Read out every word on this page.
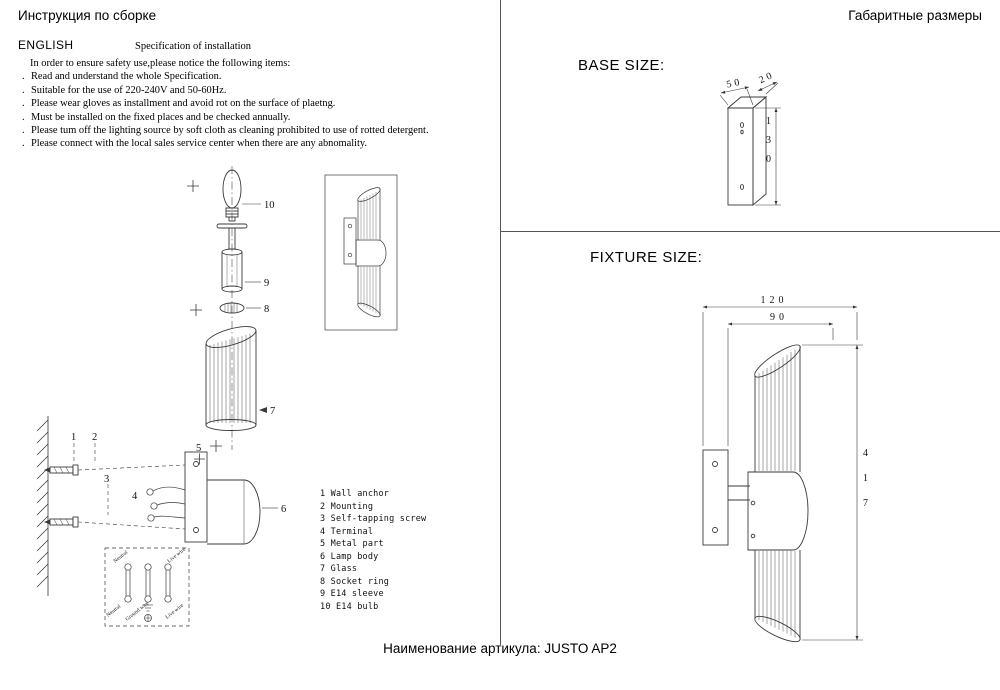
Инструкция по сборке	Габаритные размеры
ENGLISH	Specification of installation
In order to ensure safety use,please notice the following items:
. Read and understand the whole Specification.
. Suitable for the use of 220-240V and 50-60Hz.
. Please wear gloves as installment and avoid rot on the surface of plaetng.
. Must be installed on the fixed places and be checked annually.
. Please tum off the lighting source by soft cloth as cleaning prohibited to use of rotted detergent.
. Please connect with the local sales service center when there are any abnomality.
10
9
8
7
5
6
1 2
3
4
Neutral	Live wire
Neutral Ground wire	Live wire
1 Wall anchor
2 Mounting
3 Self-tapping screw
4 Terminal
5 Metal part
6 Lamp body
7 Glass
8 Socket ring
9 E14 sleeve
10 E14 bulb
BASE SIZE:
FIXTURE SIZE:
50 20
130
120
90
417
Наименование артикула: JUSTO AP2
